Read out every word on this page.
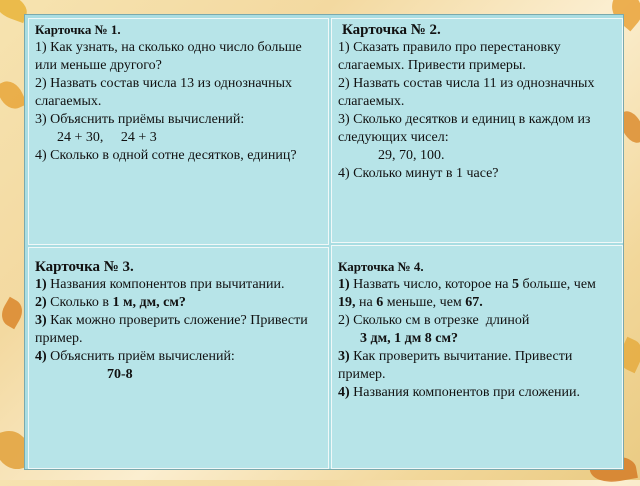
Карточка № 1.
1) Как узнать, на сколько одно число больше или меньше другого?
2) Назвать состав числа 13 из однозначных слагаемых.
3) Объяснить приёмы вычислений:
24 + 30,     24 + 3
4) Сколько в одной сотне десятков, единиц?
Карточка № 2.
1) Сказать правило про перестановку слагаемых. Привести примеры.
2) Назвать состав числа 11 из однозначных слагаемых.
3) Сколько десятков и единиц в каждом из следующих чисел:
29, 70, 100.
4) Сколько минут в 1 часе?
Карточка № 3.
1) Названия компонентов при вычитании.
2) Сколько в 1 м, дм, см?
3) Как можно проверить сложение? Привести пример.
4) Объяснить приём вычислений:
70-8
Карточка № 4.
1) Назвать число, которое на 5 больше, чем 19, на 6 меньше, чем 67.
2) Сколько см в отрезке  длиной
3 дм, 1 дм 8 см?
3) Как проверить вычитание. Привести пример.
4) Названия компонентов при сложении.
